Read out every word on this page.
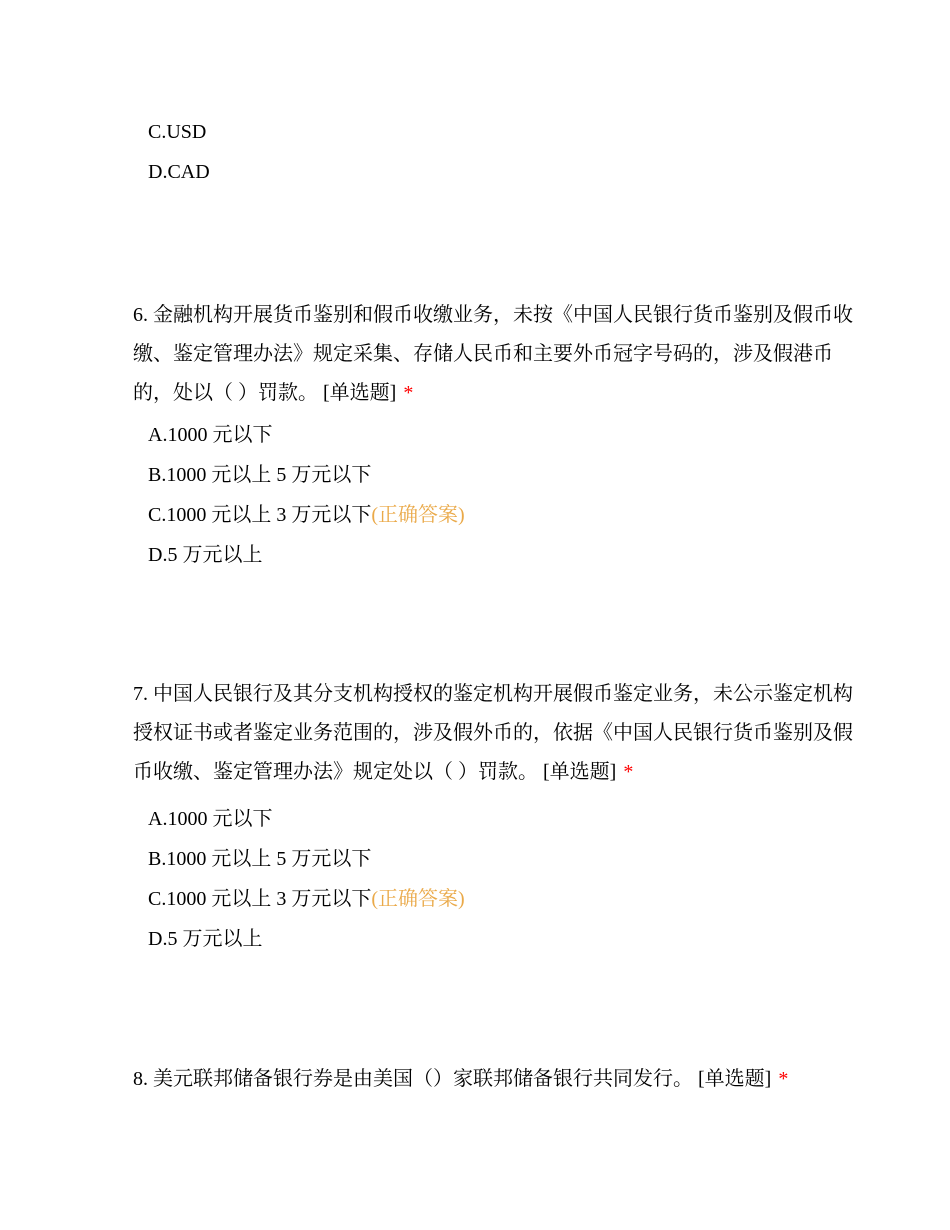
C.USD
D.CAD
6. 金融机构开展货币鉴别和假币收缴业务，未按《中国人民银行货币鉴别及假币收
缴、鉴定管理办法》规定采集、存储人民币和主要外币冠字号码的，涉及假港币
的，处以（ ）罚款。 [单选题] *
A.1000 元以下
B.1000 元以上 5 万元以下
C.1000 元以上 3 万元以下(正确答案)
D.5 万元以上
7. 中国人民银行及其分支机构授权的鉴定机构开展假币鉴定业务，未公示鉴定机构
授权证书或者鉴定业务范围的，涉及假外币的，依据《中国人民银行货币鉴别及假
币收缴、鉴定管理办法》规定处以（ ）罚款。 [单选题] *
A.1000 元以下
B.1000 元以上 5 万元以下
C.1000 元以上 3 万元以下(正确答案)
D.5 万元以上
8. 美元联邦储备银行券是由美国（）家联邦储备银行共同发行。 [单选题] *
